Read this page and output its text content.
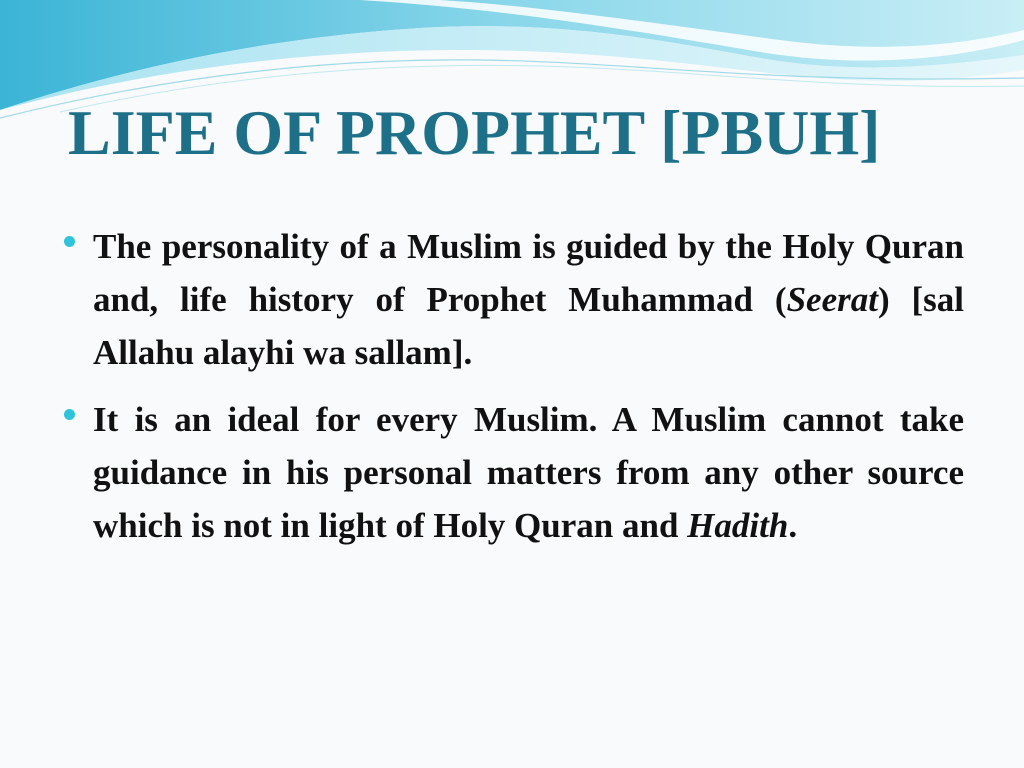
LIFE OF PROPHET [PBUH]

The personality of a Muslim is guided by the Holy Quran and, life history of Prophet Muhammad (Seerat) [sal Allahu alayhi wa sallam].

It is an ideal for every Muslim. A Muslim cannot take guidance in his personal matters from any other source which is not in light of Holy Quran and Hadith.
